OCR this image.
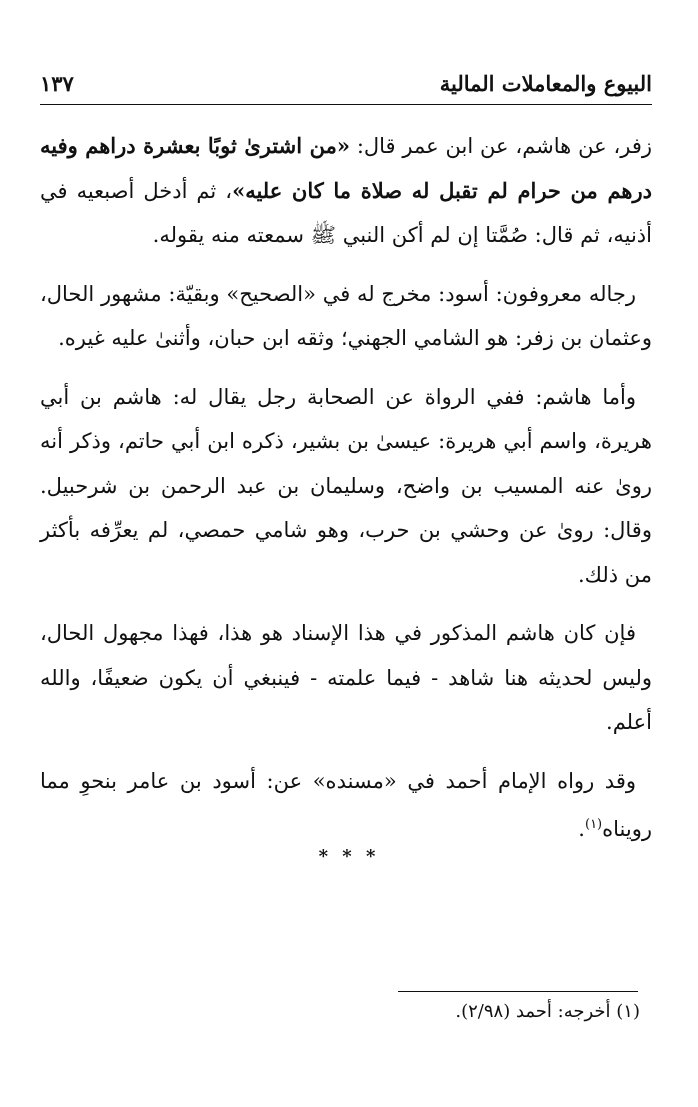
البيوع والمعاملات المالية
١٣٧

زفر، عن هاشم، عن ابن عمر قال: «من اشترىٰ ثوبًا بعشرة دراهم وفيه درهم من حرام لم تقبل له صلاة ما كان عليه»، ثم أدخل أصبعيه في أذنيه، ثم قال: صُمَّتا إن لم أكن النبي ﷺ سمعته منه يقوله.

رجاله معروفون: أسود: مخرج له في «الصحيح» وبقيّة: مشهور الحال، وعثمان بن زفر: هو الشامي الجهني؛ وثقه ابن حبان، وأثنىٰ عليه غيره.

وأما هاشم: ففي الرواة عن الصحابة رجل يقال له: هاشم بن أبي هريرة، واسم أبي هريرة: عيسىٰ بن بشير، ذكره ابن أبي حاتم، وذكر أنه روىٰ عنه المسيب بن واضح، وسليمان بن عبد الرحمن بن شرحبيل. وقال: روىٰ عن وحشي بن حرب، وهو شامي حمصي، لم يعرِّفه بأكثر من ذلك.

فإن كان هاشم المذكور في هذا الإسناد هو هذا، فهذا مجهول الحال، وليس لحديثه هنا شاهد - فيما علمته - فينبغي أن يكون ضعيفًا، والله أعلم.

وقد رواه الإمام أحمد في «مسنده» عن: أسود بن عامر بنحوِ مما رويناه$^{(١)}$.

* * *
(١) أخرجه: أحمد (٢/٩٨).
